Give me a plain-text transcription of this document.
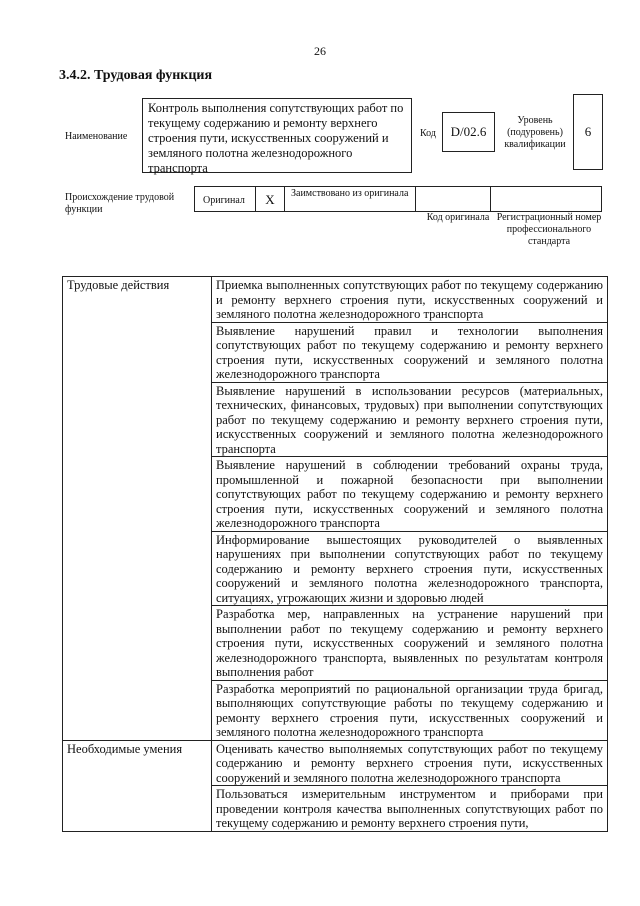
26
3.4.2. Трудовая функция
Наименование
Контроль выполнения сопутствующих работ по текущему содержанию и ремонту верхнего строения пути, искусственных сооружений и земляного полотна железнодорожного транспорта
Код	D/02.6
Уровень (подуровень) квалификации
6
Происхождение трудовой функции
Оригинал	X	Заимствовано из оригинала
Код оригинала Регистрационный номер профессионального стандарта
Трудовые действия	Приемка выполненных сопутствующих работ по текущему содержанию и ремонту верхнего строения пути, искусственных сооружений и земляного полотна железнодорожного транспорта
	Выявление нарушений правил и технологии выполнения сопутствующих работ по текущему содержанию и ремонту верхнего строения пути, искусственных сооружений и земляного полотна железнодорожного транспорта
	Выявление нарушений в использовании ресурсов (материальных, технических, финансовых, трудовых) при выполнении сопутствующих работ по текущему содержанию и ремонту верхнего строения пути, искусственных сооружений и земляного полотна железнодорожного транспорта
	Выявление нарушений в соблюдении требований охраны труда, промышленной и пожарной безопасности при выполнении сопутствующих работ по текущему содержанию и ремонту верхнего строения пути, искусственных сооружений и земляного полотна железнодорожного транспорта
	Информирование вышестоящих руководителей о выявленных нарушениях при выполнении сопутствующих работ по текущему содержанию и ремонту верхнего строения пути, искусственных сооружений и земляного полотна железнодорожного транспорта, ситуациях, угрожающих жизни и здоровью людей
	Разработка мер, направленных на устранение нарушений при выполнении работ по текущему содержанию и ремонту верхнего строения пути, искусственных сооружений и земляного полотна железнодорожного транспорта, выявленных по результатам контроля выполнения работ
	Разработка мероприятий по рациональной организации труда бригад, выполняющих сопутствующие работы по текущему содержанию и ремонту верхнего строения пути, искусственных сооружений и земляного полотна железнодорожного транспорта
Необходимые умения	Оценивать качество выполняемых сопутствующих работ по текущему содержанию и ремонту верхнего строения пути, искусственных сооружений и земляного полотна железнодорожного транспорта
	Пользоваться измерительным инструментом и приборами при проведении контроля качества выполненных сопутствующих работ по текущему содержанию и ремонту верхнего строения пути,
